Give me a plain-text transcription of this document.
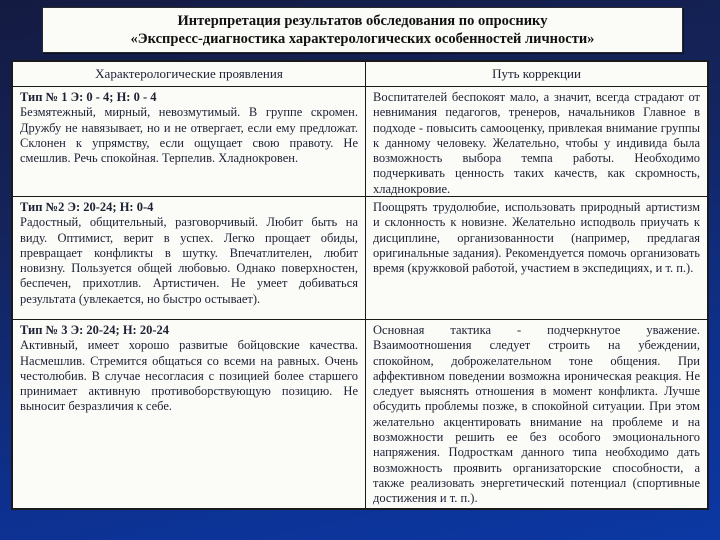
Интерпретация результатов обследования по опроснику
«Экспресс-диагностика характерологических особенностей личности»
Характерологические проявления	Путь коррекции
Тип № 1 Э: 0 - 4; Н: 0 - 4
Безмятежный, мирный, невозмутимый. В группе скромен. Дружбу не навязывает, но и не отвергает, если ему предложат. Склонен к упрямству, если ощущает свою правоту. Не смешлив. Речь спокойная. Терпелив. Хладнокровен.
Воспитателей беспокоят мало, а значит, всегда страдают от невнимания педагогов, тренеров, начальников Главное в подходе - повысить самооценку, привлекая внимание группы к данному человеку. Желательно, чтобы у индивида была возможность выбора темпа работы. Необходимо подчеркивать ценность таких качеств, как скромность, хладнокровие.
Тип №2 Э: 20-24; Н: 0-4
Радостный, общительный, разговорчивый. Любит быть на виду. Оптимист, верит в успех. Легко прощает обиды, превращает конфликты в шутку. Впечатлителен, любит новизну. Пользуется общей любовью. Однако поверхностен, беспечен, прихотлив. Артистичен. Не умеет добиваться результата (увлекается, но быстро остывает).
Поощрять трудолюбие, использовать природный артистизм и склонность к новизне. Желательно исподволь приучать к дисциплине, организованности (например, предлагая оригинальные задания). Рекомендуется помочь организовать время (кружковой работой, участием в экспедициях, и т. п.).
Тип № 3 Э: 20-24; Н: 20-24
Активный, имеет хорошо развитые бойцовские качества. Насмешлив. Стремится общаться со всеми на равных. Очень честолюбив. В случае несогласия с позицией более старшего принимает активную противоборствующую позицию. Не выносит безразличия к себе.
Основная тактика - подчеркнутое уважение. Взаимоотношения следует строить на убеждении, спокойном, доброжелательном тоне общения. При аффективном поведении возможна ироническая реакция. Не следует выяснять отношения в момент конфликта. Лучше обсудить проблемы позже, в спокойной ситуации. При этом желательно акцентировать внимание на проблеме и на возможности решить ее без особого эмоционального напряжения. Подросткам данного типа необходимо дать возможность проявить организаторские способности, а также реализовать энергетический потенциал (спортивные достижения и т. п.).
